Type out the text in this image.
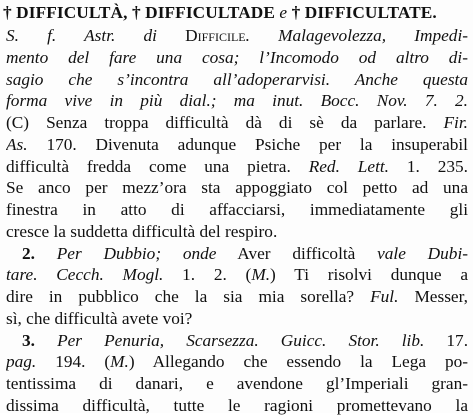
† DIFFICULTÀ, † DIFFICULTADE e † DIFFICULTATE.
S. f. Astr. di Difficile. Malagevolezza, Impedi-
mento del fare una cosa; l’Incomodo od altro di-
sagio che s’incontra all’adoperarvisi. Anche questa
forma vive in più dial.; ma inut. Bocc. Nov. 7. 2.
(C) Senza troppa difficultà dà di sè da parlare. Fir.
As. 170. Divenuta adunque Psiche per la insuperabil
difficultà fredda come una pietra. Red. Lett. 1. 235.
Se anco per mezz’ora sta appoggiato col petto ad una
finestra in atto di affacciarsi, immediatamente gli
cresce la suddetta difficultà del respiro.
2. Per Dubbio; onde Aver difficoltà vale Dubi-
tare. Cecch. Mogl. 1. 2. (M.) Ti risolvi dunque a
dire in pubblico che la sia mia sorella? Ful. Messer,
sì, che difficultà avete voi?
3. Per Penuria, Scarsezza. Guicc. Stor. lib. 17.
pag. 194. (M.) Allegando che essendo la Lega po-
tentissima di danari, e avendone gl’Imperiali gran-
dissima difficultà, tutte le ragioni promettevano la
